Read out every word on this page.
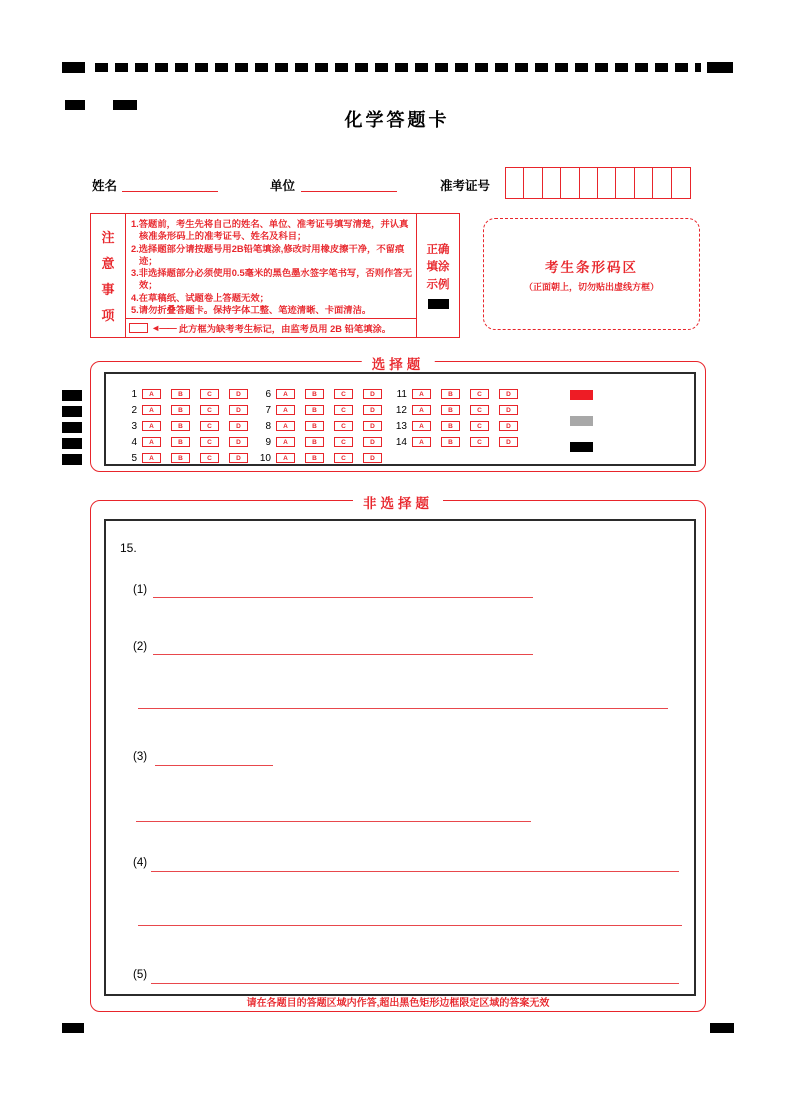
化学答题卡
姓名	单位	准考证号
注
意
事
项
1.答题前，考生先将自己的姓名、单位、准考证号填写清楚，并认真核准条形码上的准考证号、姓名及科目；
2.选择题部分请按题号用2B铅笔填涂,修改时用橡皮擦干净，不留痕迹；
3.非选择题部分必须使用0.5毫米的黑色墨水签字笔书写，否则作答无效；
4.在草稿纸、试题卷上答题无效；
5.请勿折叠答题卡。保持字体工整、笔迹清晰、卡面清洁。
◄—— 此方框为缺考考生标记，由监考员用 2B 铅笔填涂。
正确
填涂
示例
考生条形码区
（正面朝上，切勿贴出虚线方框）
选择题
1	A	B	C	D
2	A	B	C	D
3	A	B	C	D
4	A	B	C	D
5	A	B	C	D
6	A	B	C	D
7	A	B	C	D
8	A	B	C	D
9	A	B	C	D
10	A	B	C	D
11	A	B	C	D
12	A	B	C	D
13	A	B	C	D
14	A	B	C	D
非选择题
15.
(1)
(2)
(3)
(4)
(5)
请在各题目的答题区域内作答,超出黑色矩形边框限定区域的答案无效
